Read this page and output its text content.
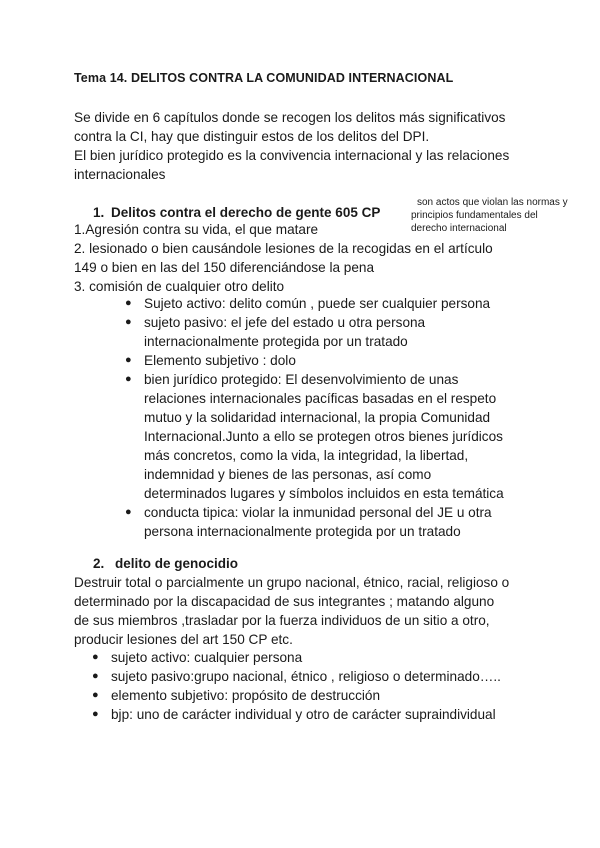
Tema 14. DELITOS CONTRA LA COMUNIDAD INTERNACIONAL

Se divide en 6 capítulos donde se recogen los delitos más significativos

contra la CI, hay que distinguir estos de los delitos del DPI.

El bien jurídico protegido es la convivencia internacional y las relaciones

internacionales

son actos que violan las normas y
principios fundamentales del
derecho internacional
1. Delitos contra el derecho de gente 605 CP

1.Agresión contra su vida, el que matare

2. lesionado o bien causándole lesiones de la recogidas en el artículo

149 o bien en las del 150 diferenciándose la pena

3. comisión de cualquier otro delito

● Sujeto activo: delito común , puede ser cualquier persona
● sujeto pasivo: el jefe del estado u otra persona
internacionalmente protegida por un tratado
● Elemento subjetivo : dolo
● bien jurídico protegido: El desenvolvimiento de unas
relaciones internacionales pacíficas basadas en el respeto
mutuo y la solidaridad internacional, la propia Comunidad
Internacional.Junto a ello se protegen otros bienes jurídicos
más concretos, como la vida, la integridad, la libertad,
indemnidad y bienes de las personas, así como
determinados lugares y símbolos incluidos en esta temática
● conducta tipica: violar la inmunidad personal del JE u otra
persona internacionalmente protegida por un tratado
2. delito de genocidio
Destruir total o parcialmente un grupo nacional, étnico, racial, religioso o
determinado por la discapacidad de sus integrantes ; matando alguno
de sus miembros ,trasladar por la fuerza individuos de un sitio a otro,
producir lesiones del art 150 CP etc.
● sujeto activo: cualquier persona
● sujeto pasivo:grupo nacional, étnico , religioso o determinado…..
● elemento subjetivo: propósito de destrucción
● bjp: uno de carácter individual y otro de carácter supraindividual
